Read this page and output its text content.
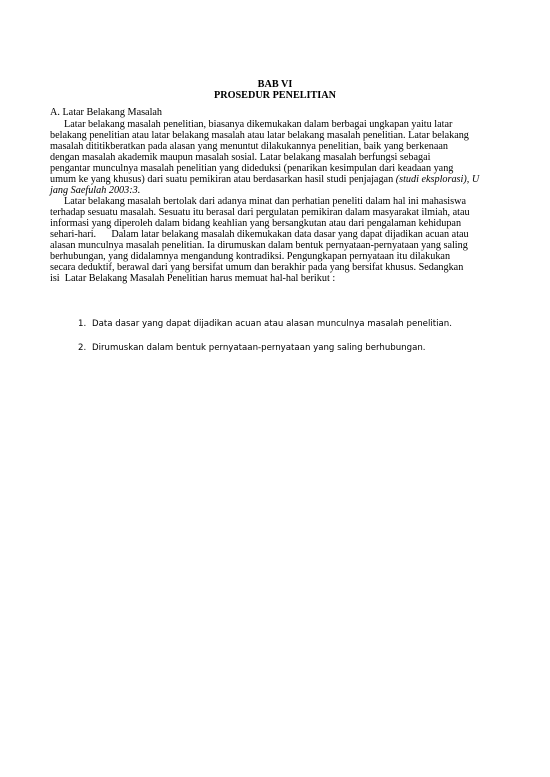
BAB VI
PROSEDUR PENELITIAN
A. Latar Belakang Masalah
Latar belakang masalah penelitian, biasanya dikemukakan dalam berbagai ungkapan yaitu latar
belakang penelitian atau latar belakang masalah atau latar belakang masalah penelitian. Latar belakang
masalah dititikberatkan pada alasan yang menuntut dilakukannya penelitian, baik yang berkenaan
dengan masalah akademik maupun masalah sosial. Latar belakang masalah berfungsi sebagai
pengantar munculnya masalah penelitian yang dideduksi (penarikan kesimpulan dari keadaan yang
umum ke yang khusus) dari suatu pemikiran atau berdasarkan hasil studi penjajagan (studi eksplorasi), U
jang Saefulah 2003:3.
Latar belakang masalah bertolak dari adanya minat dan perhatian peneliti dalam hal ini mahasiswa
terhadap sesuatu masalah. Sesuatu itu berasal dari pergulatan pemikiran dalam masyarakat ilmiah, atau
informasi yang diperoleh dalam bidang keahlian yang bersangkutan atau dari pengalaman kehidupan
sehari-hari.      Dalam latar belakang masalah dikemukakan data dasar yang dapat dijadikan acuan atau
alasan munculnya masalah penelitian. Ia dirumuskan dalam bentuk pernyataan-pernyataan yang saling
berhubungan, yang didalamnya mengandung kontradiksi. Pengungkapan pernyataan itu dilakukan
secara deduktif, berawal dari yang bersifat umum dan berakhir pada yang bersifat khusus. Sedangkan
isi  Latar Belakang Masalah Penelitian harus memuat hal-hal berikut :
1. Data dasar yang dapat dijadikan acuan atau alasan munculnya masalah penelitian.
2. Dirumuskan dalam bentuk pernyataan-pernyataan yang saling berhubungan.
